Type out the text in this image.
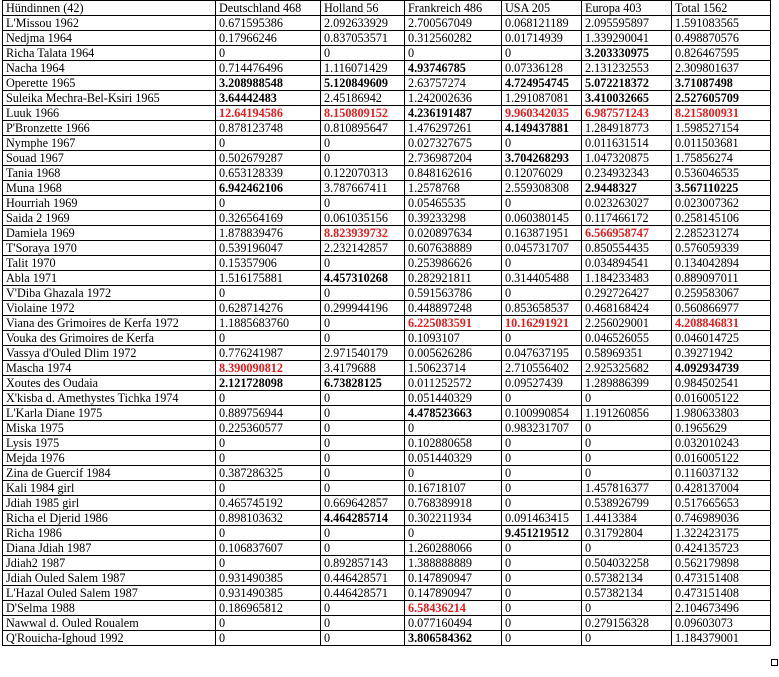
Hündinnen (42)	Deutschland 468	Holland 56	Frankreich 486	USA 205	Europa 403	Total 1562
L'Missou 1962	0.671595386	2.092633929	2.700567049	0.068121189	2.095595897	1.591083565
Nedjma 1964	0.17966246	0.837053571	0.312560282	0.01714939	1.339290041	0.498870576
Richa Talata 1964	0	0	0	0	3.203330975	0.826467595
Nacha 1964	0.714476496	1.116071429	4.93746785	0.07336128	2.131232553	2.309801637
Operette 1965	3.208988548	5.120849609	2.63757274	4.724954745	5.072218372	3.71087498
Suleika Mechra-Bel-Ksiri 1965	3.64442483	2.45186942	1.242002636	1.291087081	3.410032665	2.527605709
Luuk 1966	12.64194586	8.150809152	4.236191487	9.960342035	6.987571243	8.215800931
P'Bronzette 1966	0.878123748	0.810895647	1.476297261	4.149437881	1.284918773	1.598527154
Nymphe 1967	0	0	0.027327675	0	0.011631514	0.011503681
Souad 1967	0.502679287	0	2.736987204	3.704268293	1.047320875	1.75856274
Tania 1968	0.653128339	0.122070313	0.848162616	0.12076029	0.234932343	0.536046535
Muna 1968	6.942462106	3.787667411	1.2578768	2.559308308	2.9448327	3.567110225
Hourriah 1969	0	0	0.05465535	0	0.023263027	0.023007362
Saida 2 1969	0.326564169	0.061035156	0.39233298	0.060380145	0.117466172	0.258145106
Damiela 1969	1.878839476	8.823939732	0.020897634	0.163871951	6.566958747	2.285231274
T'Soraya 1970	0.539196047	2.232142857	0.607638889	0.045731707	0.850554435	0.576059339
Talit 1970	0.15357906	0	0.253986626	0	0.034894541	0.134042894
Abla 1971	1.516175881	4.457310268	0.282921811	0.314405488	1.184233483	0.889097011
V'Diba Ghazala 1972	0	0	0.591563786	0	0.292726427	0.259583067
Violaine 1972	0.628714276	0.299944196	0.448897248	0.853658537	0.468168424	0.560866977
Viana des Grimoires de Kerfa 1972	1.1885683760	0	6.225083591	10.16291921	2.256029001	4.208846831
Vouka des Grimoires de Kerfa	0	0	0.1093107	0	0.046526055	0.046014725
Vassya d'Ouled Dlim 1972	0.776241987	2.971540179	0.005626286	0.047637195	0.58969351	0.39271942
Mascha 1974	8.390090812	3.4179688	1.50623714	2.710556402	2.925325682	4.092934739
Xoutes des Oudaia	2.121728098	6.73828125	0.011252572	0.09527439	1.289886399	0.984502541
X'kisba d. Amethystes Tichka 1974	0	0	0.051440329	0	0	0.016005122
L'Karla Diane 1975	0.889756944	0	4.478523663	0.100990854	1.191260856	1.980633803
Miska 1975	0.225360577	0	0	0.983231707	0	0.1965629
Lysis 1975	0	0	0.102880658	0	0	0.032010243
Mejda 1976	0	0	0.051440329	0	0	0.016005122
Zina de Guercif 1984	0.387286325	0	0	0	0	0.116037132
Kali 1984 girl	0	0	0.16718107	0	1.457816377	0.428137004
Jdiah 1985 girl	0.465745192	0.669642857	0.768389918	0	0.538926799	0.517665653
Richa el Djerid 1986	0.898103632	4.464285714	0.302211934	0.091463415	1.4413384	0.746989036
Richa 1986	0	0	0	9.451219512	0.31792804	1.322423175
Diana Jdiah 1987	0.106837607	0	1.260288066	0	0	0.424135723
Jdiah2 1987	0	0.892857143	1.388888889	0	0.504032258	0.562179898
Jdiah Ouled Salem 1987	0.931490385	0.446428571	0.147890947	0	0.57382134	0.473151408
L'Hazal Ouled Salem 1987	0.931490385	0.446428571	0.147890947	0	0.57382134	0.473151408
D'Selma 1988	0.186965812	0	6.58436214	0	0	2.104673496
Nawwal d. Ouled Roualem	0	0	0.077160494	0	0.279156328	0.09603073
Q'Rouicha-Ighoud 1992	0	0	3.806584362	0	0	1.184379001
